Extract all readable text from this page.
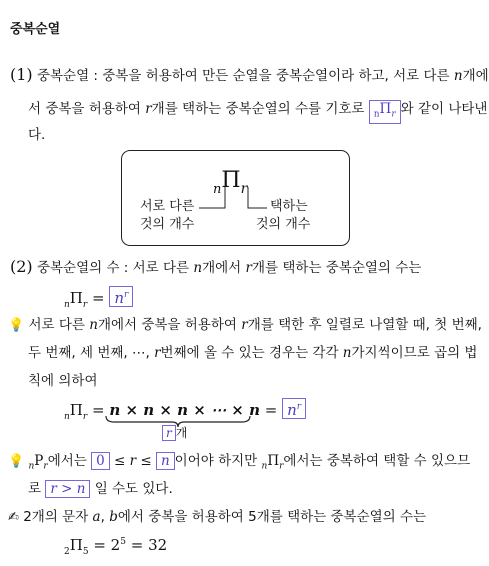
중복순열
(1) 중복순열 : 중복을 허용하여 만든 순열을 중복순열이라 하고, 서로 다른 n개에
서 중복을 허용하여 r개를 택하는 중복순열의 수를 기호로 $_n\Pi_r$ 와 같이 나타낸
다.
$_n\Pi_r$
서로 다른
것의 개수
택하는
것의 개수
(2) 중복순열의 수 : 서로 다른 n개에서 r개를 택하는 중복순열의 수는
$_n\Pi_r = n^r$
💡 서로 다른 n개에서 중복을 허용하여 r개를 택한 후 일렬로 나열할 때, 첫 번째,
두 번째, 세 번째, ⋯, r번째에 올 수 있는 경우는 각각 n가지씩이므로 곱의 법
칙에 의하여
$_n\Pi_r = n \times n \times n$ × ⋯ × $n = n^r$
r 개
💡 $_nP_r$에서는 0 ≤ r ≤ n 이어야 하지만 $_n\Pi_r$에서는 중복하여 택할 수 있으므
로 r > n 일 수도 있다.
✍ 2개의 문자 a, b에서 중복을 허용하여 5개를 택하는 중복순열의 수는
$_2\Pi_5 = 2^5 = 32$
